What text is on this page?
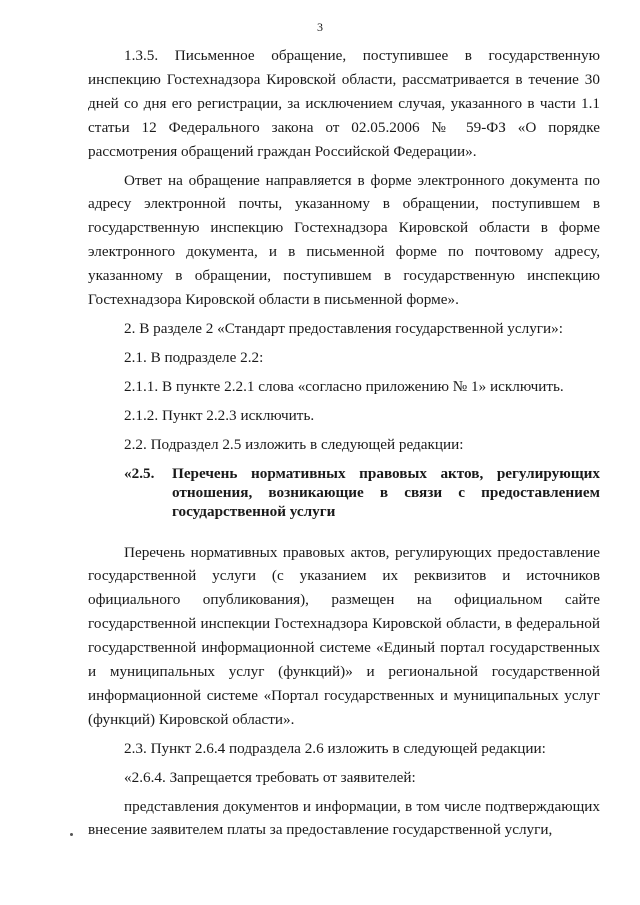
3

1.3.5. Письменное обращение, поступившее в государственную инспекцию Гостехнадзора Кировской области, рассматривается в течение 30 дней со дня его регистрации, за исключением случая, указанного в части 1.1 статьи 12 Федерального закона от 02.05.2006 № 59-ФЗ «О порядке рассмотрения обращений граждан Российской Федерации».

Ответ на обращение направляется в форме электронного документа по адресу электронной почты, указанному в обращении, поступившем в государственную инспекцию Гостехнадзора Кировской области в форме электронного документа, и в письменной форме по почтовому адресу, указанному в обращении, поступившем в государственную инспекцию Гостехнадзора Кировской области в письменной форме».

2. В разделе 2 «Стандарт предоставления государственной услуги»:

2.1. В подразделе 2.2:

2.1.1. В пункте 2.2.1 слова «согласно приложению № 1» исключить.

2.1.2. Пункт 2.2.3 исключить.

2.2. Подраздел 2.5 изложить в следующей редакции:

«2.5.	Перечень нормативных правовых актов, регулирующих отношения, возникающие в связи с предоставлением государственной услуги

Перечень нормативных правовых актов, регулирующих предоставление государственной услуги (с указанием их реквизитов и источников официального опубликования), размещен на официальном сайте государственной инспекции Гостехнадзора Кировской области, в федеральной государственной информационной системе «Единый портал государственных и муниципальных услуг (функций)» и региональной государственной информационной системе «Портал государственных и муниципальных услуг (функций) Кировской области».

2.3. Пункт 2.6.4 подраздела 2.6 изложить в следующей редакции:

«2.6.4. Запрещается требовать от заявителей:

представления документов и информации, в том числе подтверждающих внесение заявителем платы за предоставление государственной услуги,
